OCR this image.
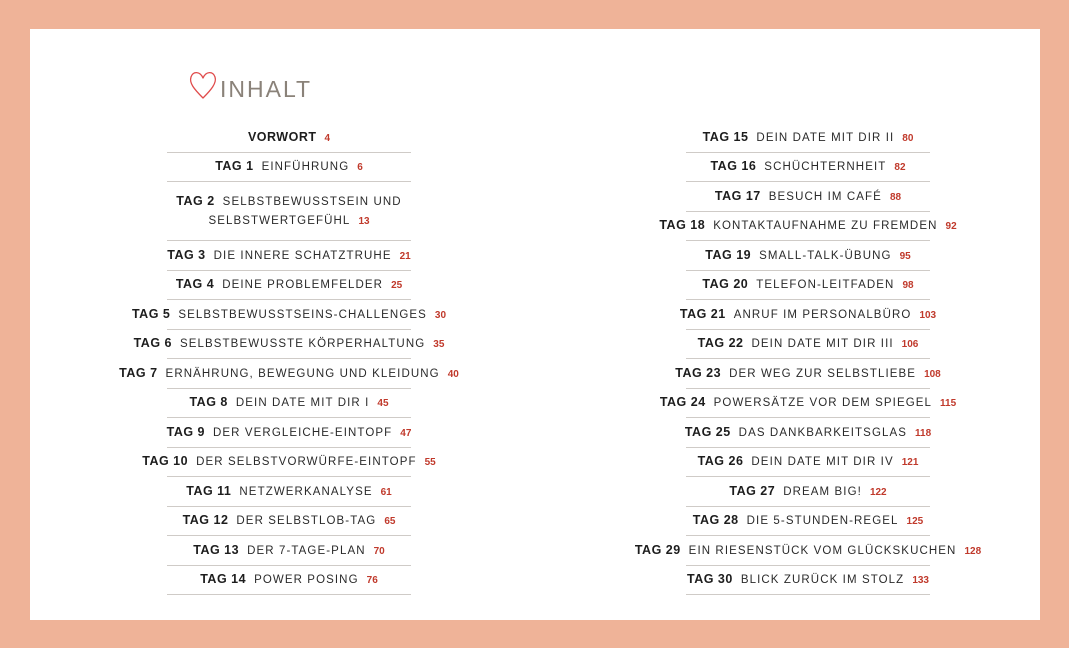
INHALT
VORWORT 4
TAG 1 EINFÜHRUNG 6
TAG 2 SELBSTBEWUSSTSEIN UND SELBSTWERTGEFÜHL 13
TAG 3 DIE INNERE SCHATZTRUHE 21
TAG 4 DEINE PROBLEMFELDER 25
TAG 5 SELBSTBEWUSSTSEINS-CHALLENGES 30
TAG 6 SELBSTBEWUSSTE KÖRPERHALTUNG 35
TAG 7 ERNÄHRUNG, BEWEGUNG UND KLEIDUNG 40
TAG 8 DEIN DATE MIT DIR I 45
TAG 9 DER VERGLEICHE-EINTOPF 47
TAG 10 DER SELBSTVORWÜRFE-EINTOPF 55
TAG 11 NETZWERKANALYSE 61
TAG 12 DER SELBSTLOB-TAG 65
TAG 13 DER 7-TAGE-PLAN 70
TAG 14 POWER POSING 76
TAG 15 DEIN DATE MIT DIR II 80
TAG 16 SCHÜCHTERNHEIT 82
TAG 17 BESUCH IM CAFÉ 88
TAG 18 KONTAKTAUFNAHME ZU FREMDEN 92
TAG 19 SMALL-TALK-ÜBUNG 95
TAG 20 TELEFON-LEITFADEN 98
TAG 21 ANRUF IM PERSONALBÜRO 103
TAG 22 DEIN DATE MIT DIR III 106
TAG 23 DER WEG ZUR SELBSTLIEBE 108
TAG 24 POWERSÄTZE VOR DEM SPIEGEL 115
TAG 25 DAS DANKBARKEITSGLAS 118
TAG 26 DEIN DATE MIT DIR IV 121
TAG 27 DREAM BIG! 122
TAG 28 DIE 5-STUNDEN-REGEL 125
TAG 29 EIN RIESENSTÜCK VOM GLÜCKSKUCHEN 128
TAG 30 BLICK ZURÜCK IM STOLZ 133
